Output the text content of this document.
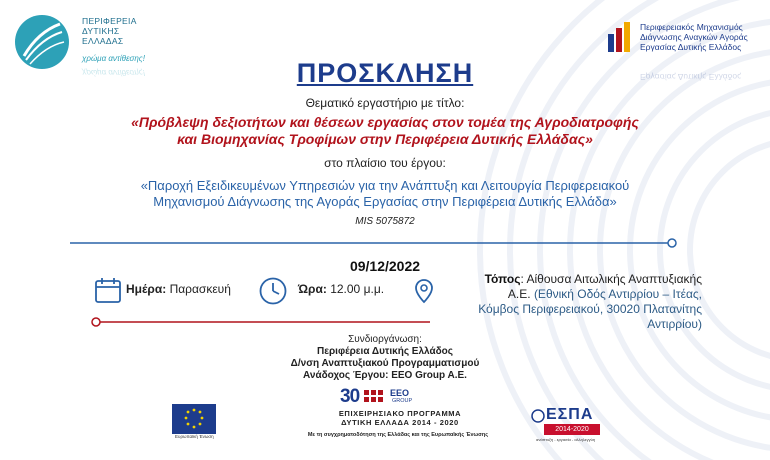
ΠΕΡΙΦΕΡΕΙΑ
ΔΥΤΙΚΗΣ
ΕΛΛΑΔΑΣ
χρώμα αντίθεσης!
χρώμα αντίθεσης!
Περιφερειακός Μηχανισμός
Διάγνωσης Αναγκών Αγοράς
Εργασίας Δυτικής Ελλάδος
Εργασίας Δυτικής Ελλάδος
ΠΡΟΣΚΛΗΣΗ
Θεματικό εργαστήριο με τίτλο:
«Πρόβλεψη δεξιοτήτων και θέσεων εργασίας στον τομέα της Αγροδιατροφής
και Βιομηχανίας Τροφίμων στην Περιφέρεια Δυτικής Ελλάδας»
στο πλαίσιο του έργου:
«Παροχή Εξειδικευμένων Υπηρεσιών για την Ανάπτυξη και Λειτουργία Περιφερειακού
Μηχανισμού Διάγνωσης της Αγοράς Εργασίας στην Περιφέρεια Δυτικής Ελλάδα»
MIS 5075872
09/12/2022
Ημέρα: Παρασκευή	Ώρα: 12.00 μ.μ.
Τόπος: Αίθουσα Αιτωλικής Αναπτυξιακής
Α.Ε. (Εθνική Οδός Αντιρρίου – Ιτέας,
Κόμβος Περιφερειακού, 30020 Πλατανίτης
Αντιρρίου)
Συνδιοργάνωση:
Περιφέρεια Δυτικής Ελλάδος
Δ/νση Αναπτυξιακού Προγραμματισμού
Ανάδοχος Έργου: EEO Group A.E.
30	EEO
GROUP
Ευρωπαϊκή Ένωση
ΕΠΙΧΕΙΡΗΣΙΑΚΟ ΠΡΟΓΡΑΜΜΑ
ΔΥΤΙΚΗ ΕΛΛΑΔΑ 2014 - 2020
Με τη συγχρηματοδότηση της Ελλάδας και της Ευρωπαϊκής Ένωσης
ΕΣΠΑ
2014-2020
ανάπτυξη - εργασία - αλληλεγγύη
